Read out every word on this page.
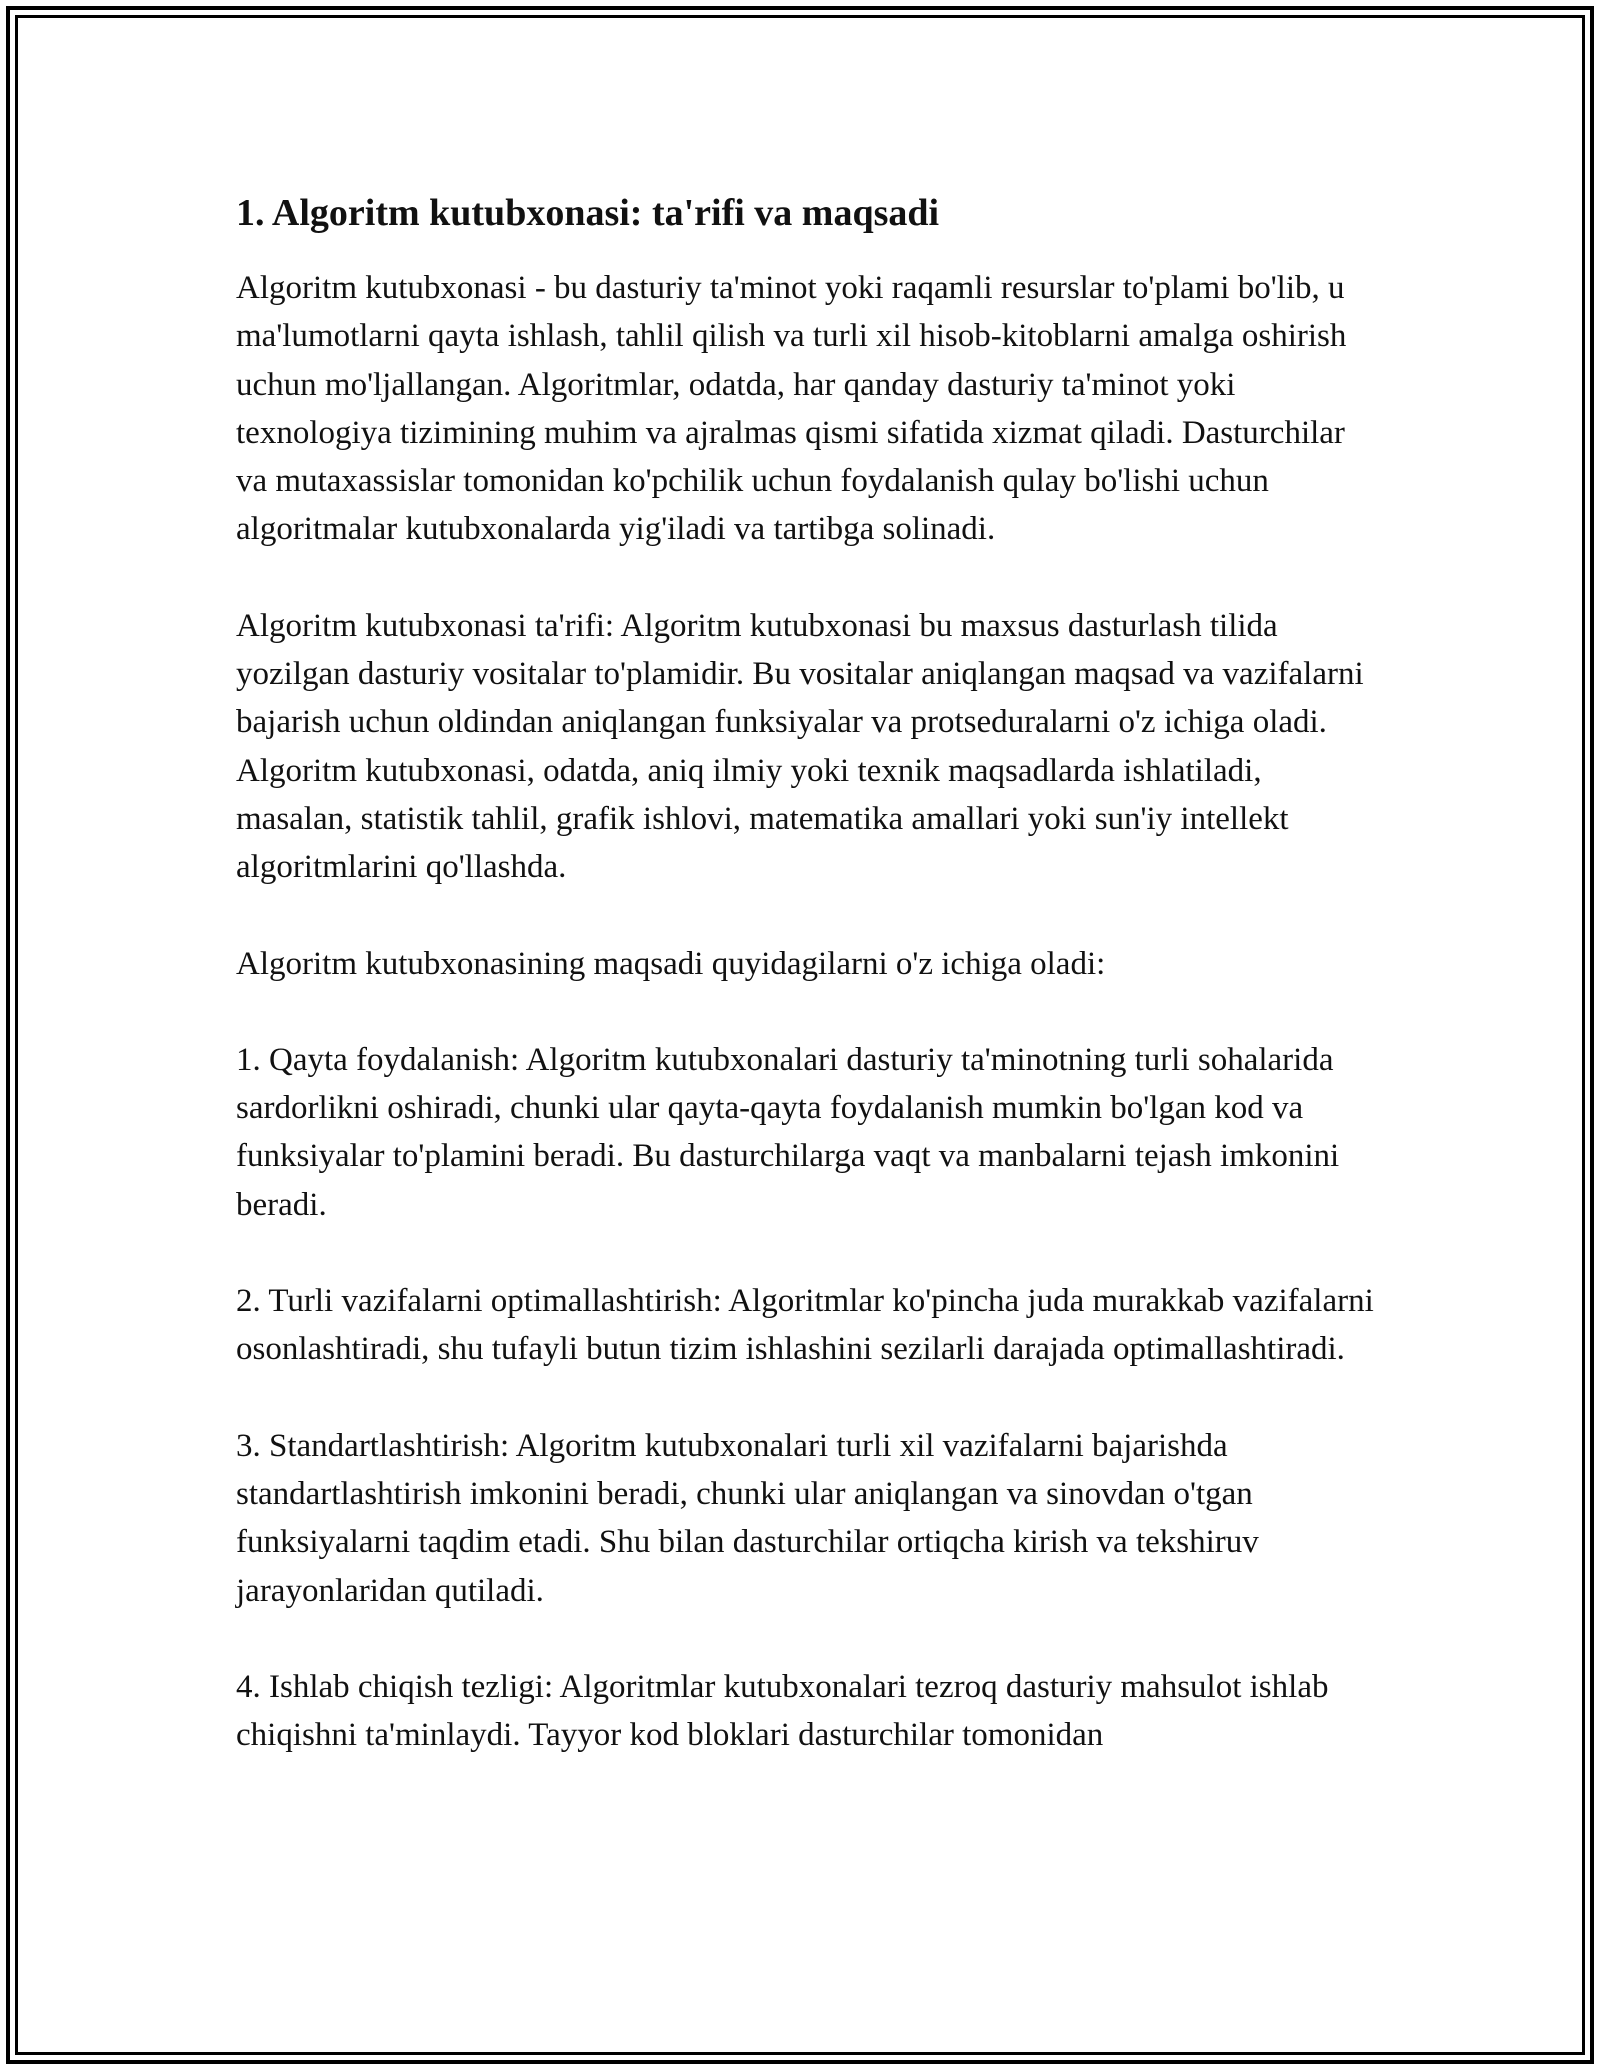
1. Algoritm kutubxonasi: ta'rifi va maqsadi

Algoritm kutubxonasi - bu dasturiy ta'minot yoki raqamli resurslar to'plami bo'lib, u ma'lumotlarni qayta ishlash, tahlil qilish va turli xil hisob-kitoblarni amalga oshirish uchun mo'ljallangan. Algoritmlar, odatda, har qanday dasturiy ta'minot yoki texnologiya tizimining muhim va ajralmas qismi sifatida xizmat qiladi. Dasturchilar va mutaxassislar tomonidan ko'pchilik uchun foydalanish qulay bo'lishi uchun algoritmalar kutubxonalarda yig'iladi va tartibga solinadi.

Algoritm kutubxonasi ta'rifi: Algoritm kutubxonasi bu maxsus dasturlash tilida yozilgan dasturiy vositalar to'plamidir. Bu vositalar aniqlangan maqsad va vazifalarni bajarish uchun oldindan aniqlangan funksiyalar va protseduralarni o'z ichiga oladi. Algoritm kutubxonasi, odatda, aniq ilmiy yoki texnik maqsadlarda ishlatiladi, masalan, statistik tahlil, grafik ishlovi, matematika amallari yoki sun'iy intellekt algoritmlarini qo'llashda.

Algoritm kutubxonasining maqsadi quyidagilarni o'z ichiga oladi:

1. Qayta foydalanish: Algoritm kutubxonalari dasturiy ta'minotning turli sohalarida sardorlikni oshiradi, chunki ular qayta-qayta foydalanish mumkin bo'lgan kod va funksiyalar to'plamini beradi. Bu dasturchilarga vaqt va manbalarni tejash imkonini beradi.

2. Turli vazifalarni optimallashtirish: Algoritmlar ko'pincha juda murakkab vazifalarni osonlashtiradi, shu tufayli butun tizim ishlashini sezilarli darajada optimallashtiradi.

3. Standartlashtirish: Algoritm kutubxonalari turli xil vazifalarni bajarishda standartlashtirish imkonini beradi, chunki ular aniqlangan va sinovdan o'tgan funksiyalarni taqdim etadi. Shu bilan dasturchilar ortiqcha kirish va tekshiruv jarayonlaridan qutiladi.

4. Ishlab chiqish tezligi: Algoritmlar kutubxonalari tezroq dasturiy mahsulot ishlab chiqishni ta'minlaydi. Tayyor kod bloklari dasturchilar tomonidan
